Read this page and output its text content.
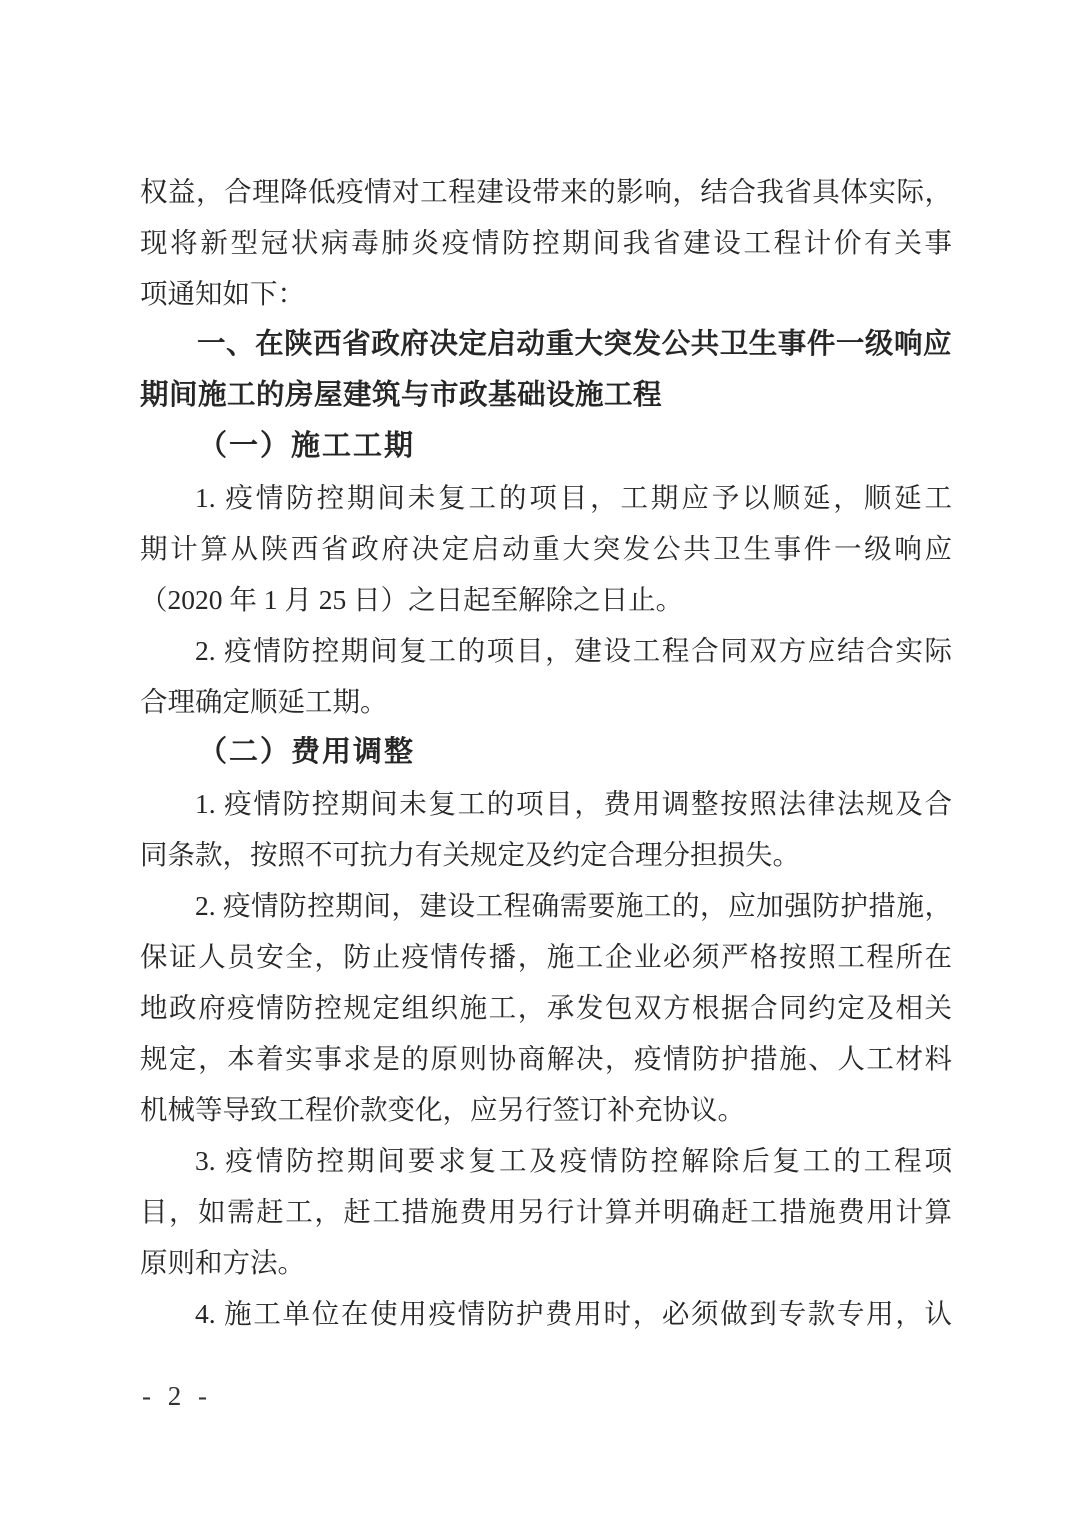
权益，合理降低疫情对工程建设带来的影响，结合我省具体实际，
现将新型冠状病毒肺炎疫情防控期间我省建设工程计价有关事
项通知如下：
一、在陕西省政府决定启动重大突发公共卫生事件一级响应
期间施工的房屋建筑与市政基础设施工程
（一）施工工期
1. 疫情防控期间未复工的项目，工期应予以顺延，顺延工
期计算从陕西省政府决定启动重大突发公共卫生事件一级响应
（2020 年 1 月 25 日）之日起至解除之日止。
2. 疫情防控期间复工的项目，建设工程合同双方应结合实际
合理确定顺延工期。
（二）费用调整
1. 疫情防控期间未复工的项目，费用调整按照法律法规及合
同条款，按照不可抗力有关规定及约定合理分担损失。
2. 疫情防控期间，建设工程确需要施工的，应加强防护措施，
保证人员安全，防止疫情传播，施工企业必须严格按照工程所在
地政府疫情防控规定组织施工，承发包双方根据合同约定及相关
规定，本着实事求是的原则协商解决，疫情防护措施、人工材料
机械等导致工程价款变化，应另行签订补充协议。
3. 疫情防控期间要求复工及疫情防控解除后复工的工程项
目，如需赶工，赶工措施费用另行计算并明确赶工措施费用计算
原则和方法。
4. 施工单位在使用疫情防护费用时，必须做到专款专用，认
- 2 -
